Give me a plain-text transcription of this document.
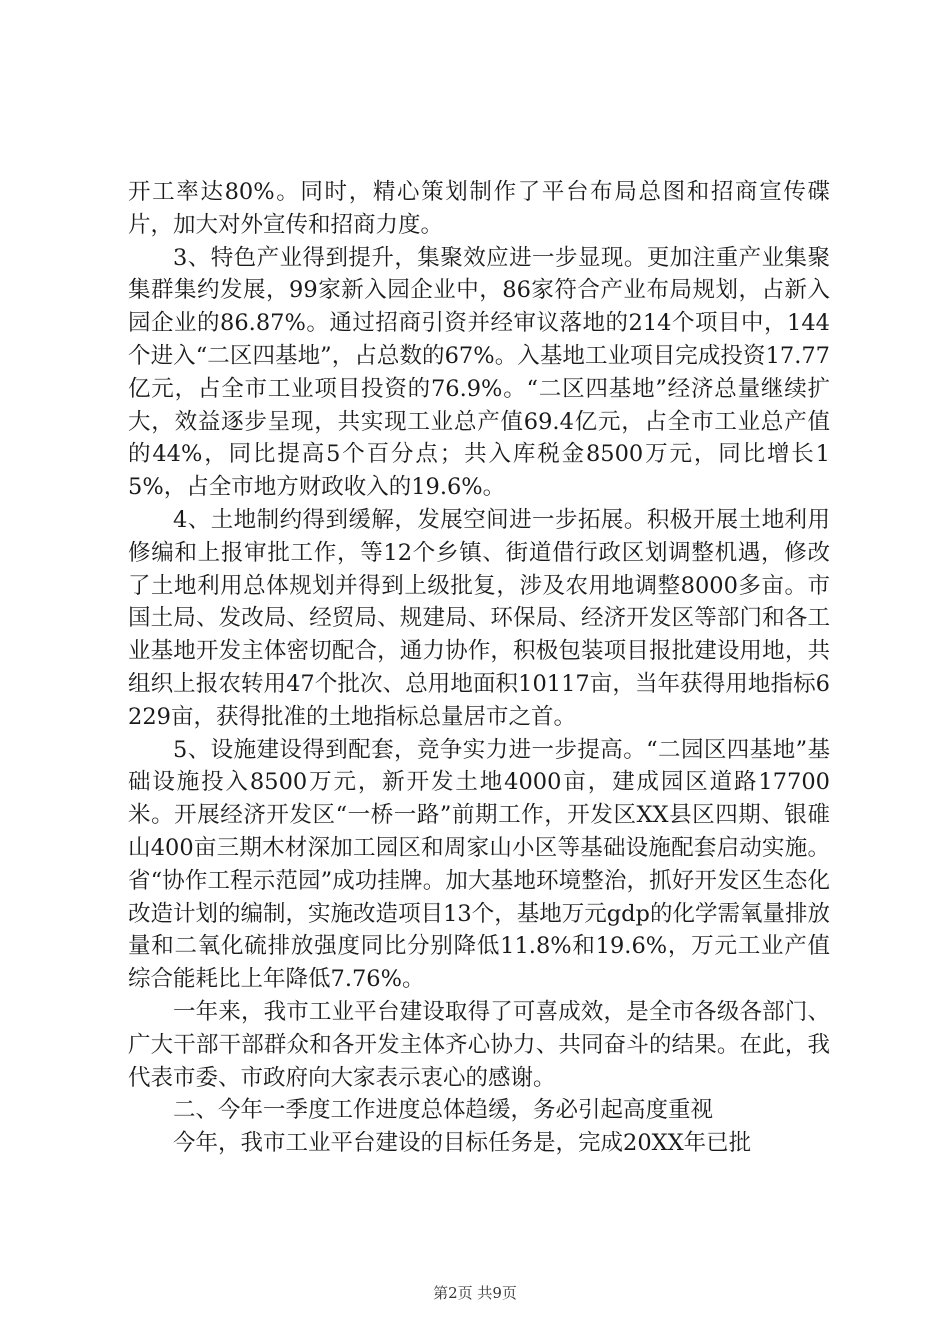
开工率达80%。同时，精心策划制作了平台布局总图和招商宣传碟片，加大对外宣传和招商力度。

3、特色产业得到提升，集聚效应进一步显现。更加注重产业集聚集群集约发展，99家新入园企业中，86家符合产业布局规划，占新入园企业的86.87%。通过招商引资并经审议落地的214个项目中，144个进入“二区四基地”，占总数的67%。入基地工业项目完成投资17.77亿元，占全市工业项目投资的76.9%。“二区四基地”经济总量继续扩大，效益逐步呈现，共实现工业总产值69.4亿元，占全市工业总产值的44%，同比提高5个百分点；共入库税金8500万元，同比增长15%，占全市地方财政收入的19.6%。

4、土地制约得到缓解，发展空间进一步拓展。积极开展土地利用修编和上报审批工作，等12个乡镇、街道借行政区划调整机遇，修改了土地利用总体规划并得到上级批复，涉及农用地调整8000多亩。市国土局、发改局、经贸局、规建局、环保局、经济开发区等部门和各工业基地开发主体密切配合，通力协作，积极包装项目报批建设用地，共组织上报农转用47个批次、总用地面积10117亩，当年获得用地指标6229亩，获得批准的土地指标总量居市之首。

5、设施建设得到配套，竞争实力进一步提高。“二园区四基地”基础设施投入8500万元，新开发土地4000亩，建成园区道路17700米。开展经济开发区“一桥一路”前期工作，开发区XX县区四期、银碓山400亩三期木材深加工园区和周家山小区等基础设施配套启动实施。省“协作工程示范园”成功挂牌。加大基地环境整治，抓好开发区生态化改造计划的编制，实施改造项目13个，基地万元gdp的化学需氧量排放量和二氧化硫排放强度同比分别降低11.8%和19.6%，万元工业产值综合能耗比上年降低7.76%。

一年来，我市工业平台建设取得了可喜成效，是全市各级各部门、广大干部干部群众和各开发主体齐心协力、共同奋斗的结果。在此，我代表市委、市政府向大家表示衷心的感谢。

二、今年一季度工作进度总体趋缓，务必引起高度重视

今年，我市工业平台建设的目标任务是，完成20XX年已批

第2页 共9页
